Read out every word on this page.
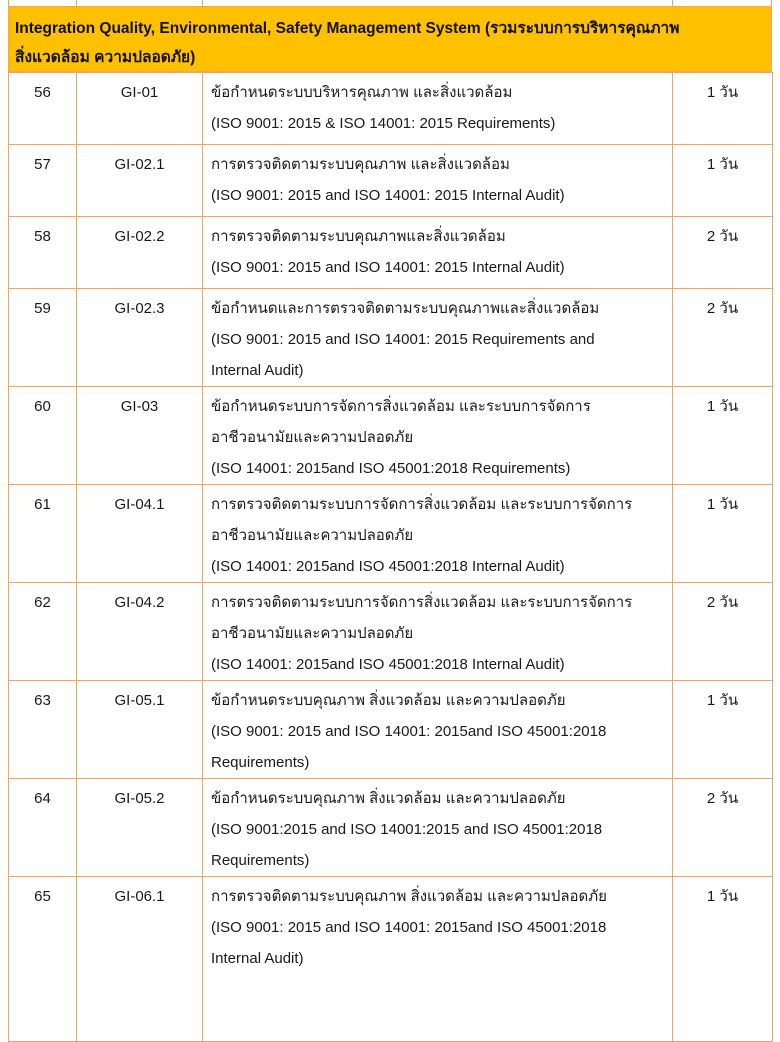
Integration Quality, Environmental, Safety Management System (รวมระบบการบริหารคุณภาพ
สิ่งแวดล้อม ความปลอดภัย)
56	GI-01	ข้อกำหนดระบบบริหารคุณภาพ และสิ่งแวดล้อม
(ISO 9001: 2015 & ISO 14001: 2015 Requirements)	1 วัน
57	GI-02.1	การตรวจติดตามระบบคุณภาพ และสิ่งแวดล้อม
(ISO 9001: 2015 and ISO 14001: 2015 Internal Audit)	1 วัน
58	GI-02.2	การตรวจติดตามระบบคุณภาพและสิ่งแวดล้อม
(ISO 9001: 2015 and ISO 14001: 2015 Internal Audit)	2 วัน
59	GI-02.3	ข้อกำหนดและการตรวจติดตามระบบคุณภาพและสิ่งแวดล้อม
(ISO 9001: 2015 and ISO 14001: 2015 Requirements and
Internal Audit)	2 วัน
60	GI-03	ข้อกำหนดระบบการจัดการสิ่งแวดล้อม และระบบการจัดการ
อาชีวอนามัยและความปลอดภัย
(ISO 14001: 2015and ISO 45001:2018 Requirements)	1 วัน
61	GI-04.1	การตรวจติดตามระบบการจัดการสิ่งแวดล้อม และระบบการจัดการ
อาชีวอนามัยและความปลอดภัย
(ISO 14001: 2015and ISO 45001:2018 Internal Audit)	1 วัน
62	GI-04.2	การตรวจติดตามระบบการจัดการสิ่งแวดล้อม และระบบการจัดการ
อาชีวอนามัยและความปลอดภัย
(ISO 14001: 2015and ISO 45001:2018 Internal Audit)	2 วัน
63	GI-05.1	ข้อกำหนดระบบคุณภาพ สิ่งแวดล้อม และความปลอดภัย
(ISO 9001: 2015 and ISO 14001: 2015and ISO 45001:2018
Requirements)	1 วัน
64	GI-05.2	ข้อกำหนดระบบคุณภาพ สิ่งแวดล้อม และความปลอดภัย
(ISO 9001:2015 and ISO 14001:2015 and ISO 45001:2018
Requirements)	2 วัน
65	GI-06.1	การตรวจติดตามระบบคุณภาพ สิ่งแวดล้อม และความปลอดภัย
(ISO 9001: 2015 and ISO 14001: 2015and ISO 45001:2018
Internal Audit)	1 วัน
